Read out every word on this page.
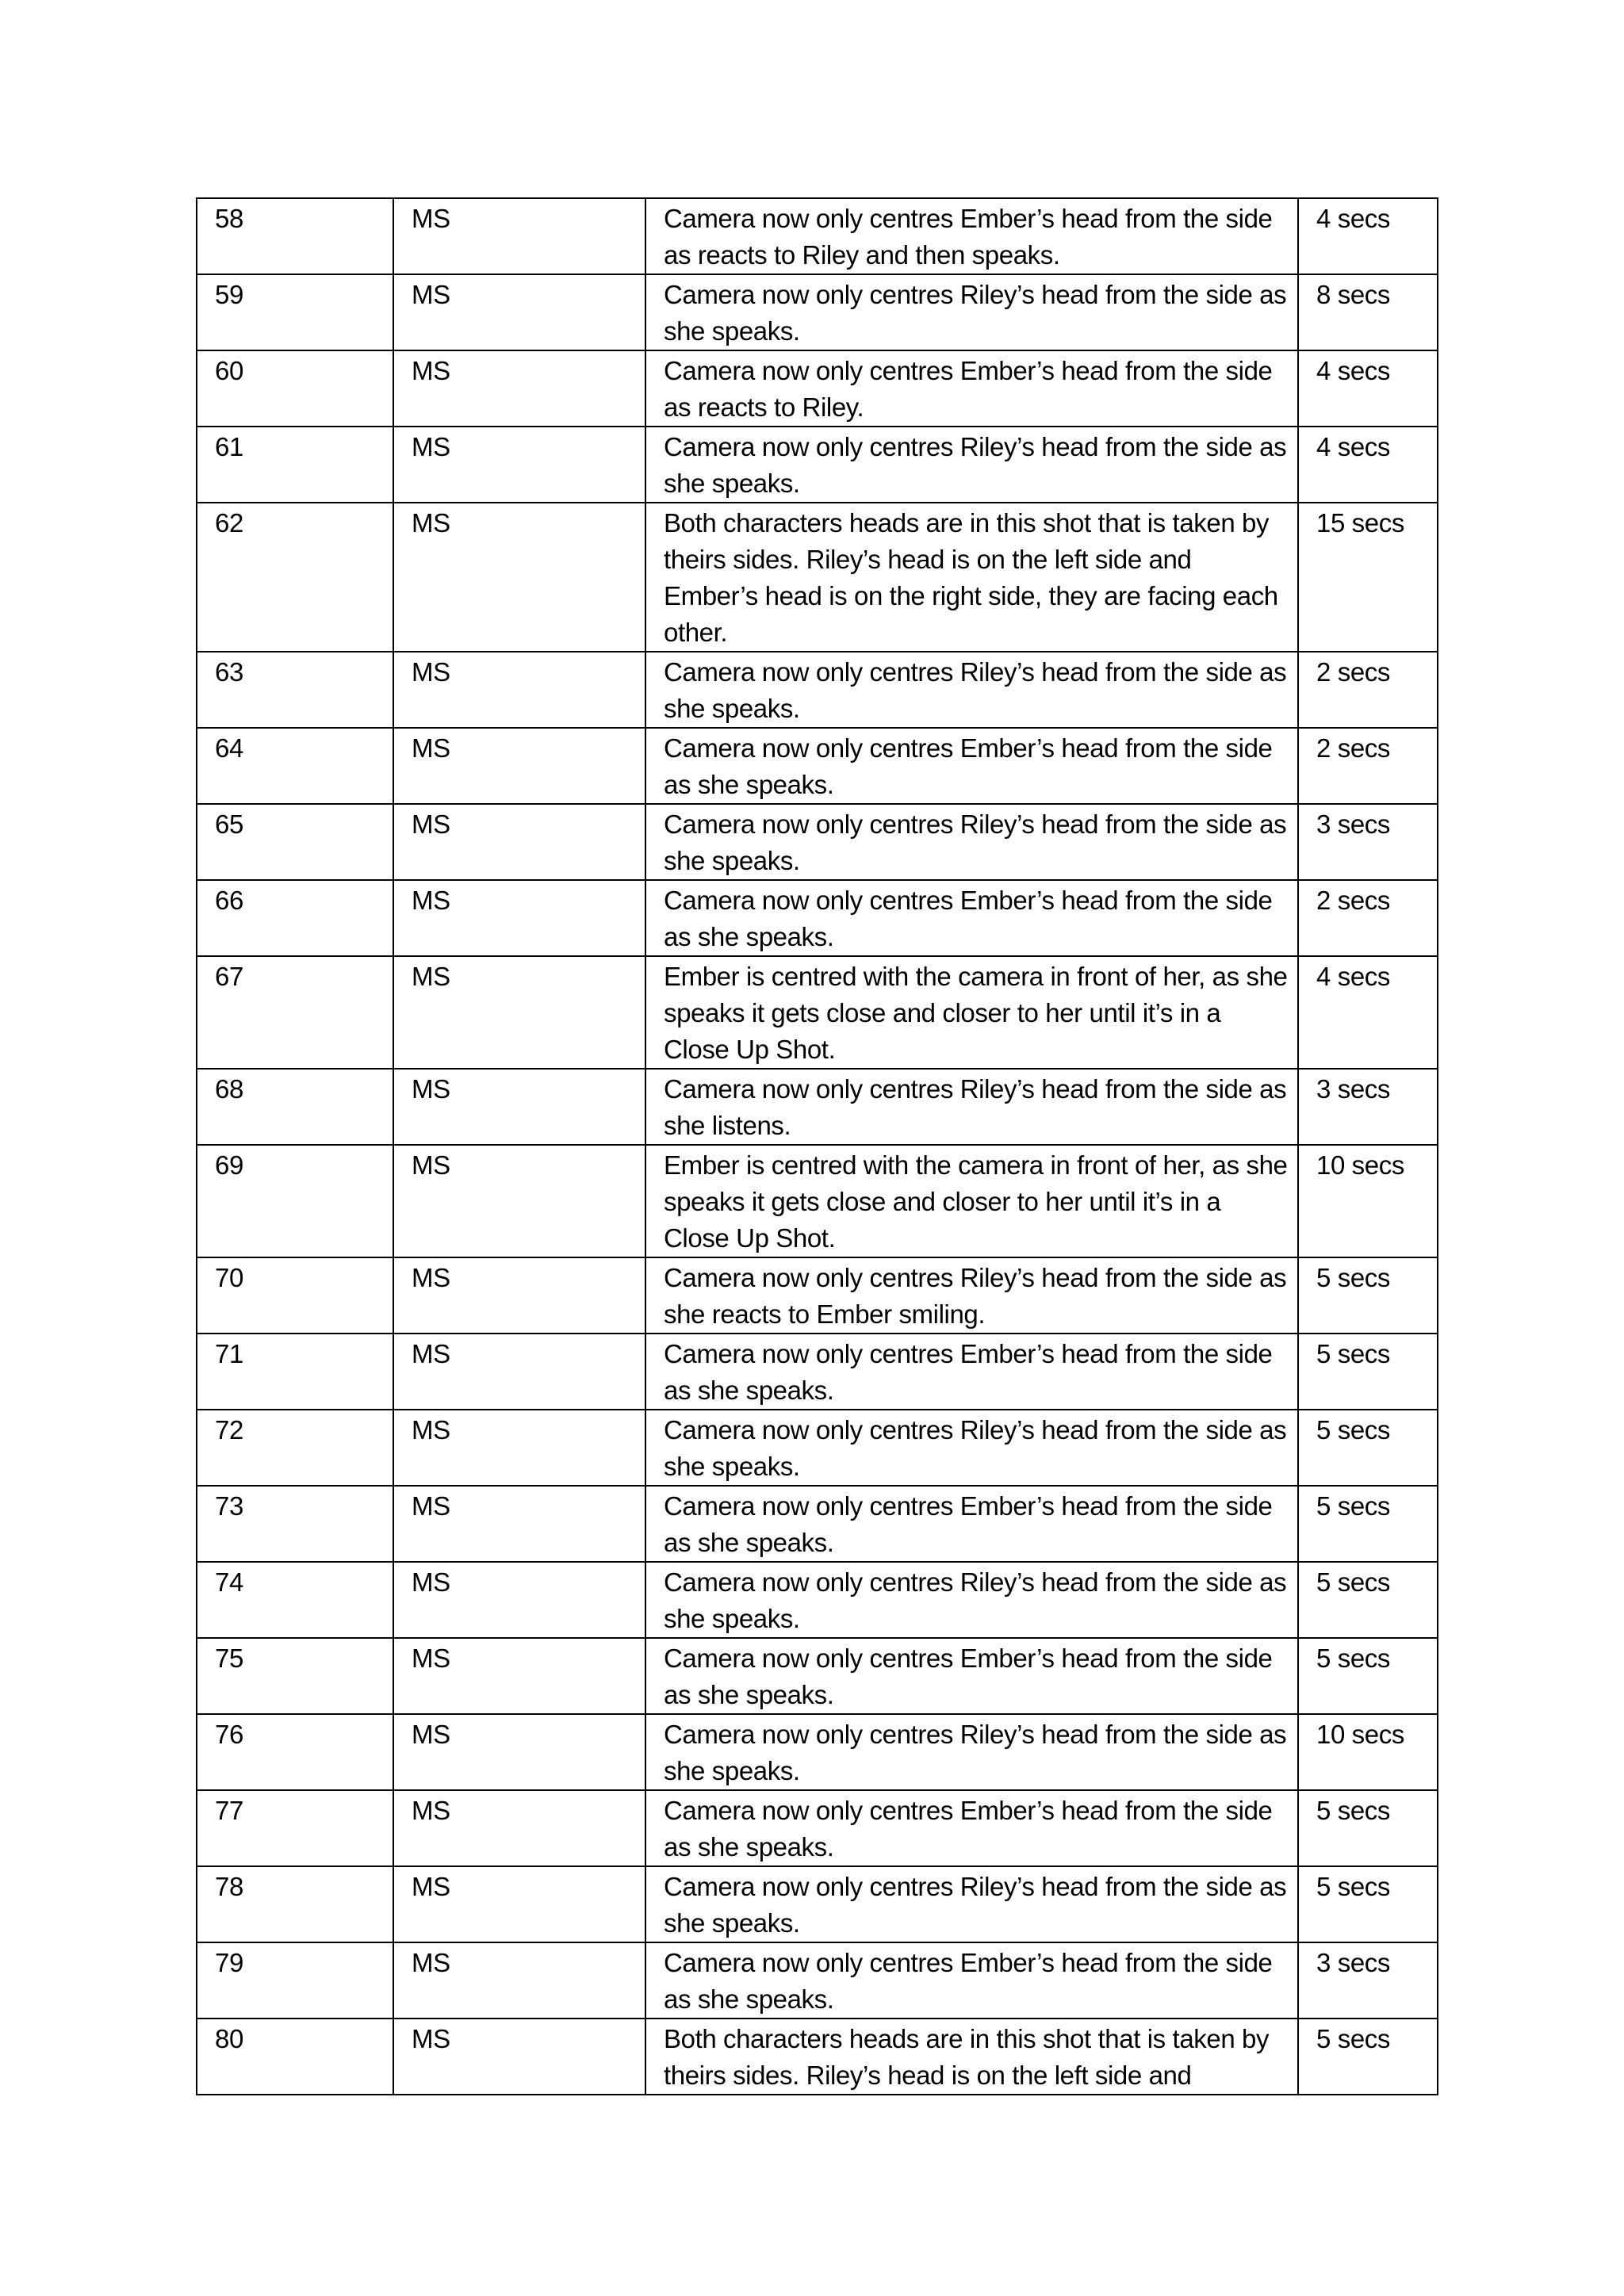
58	MS	Camera now only centres Ember’s head from the side as reacts to Riley and then speaks.	4 secs
59	MS	Camera now only centres Riley’s head from the side as she speaks.	8 secs
60	MS	Camera now only centres Ember’s head from the side as reacts to Riley.	4 secs
61	MS	Camera now only centres Riley’s head from the side as she speaks.	4 secs
62	MS	Both characters heads are in this shot that is taken by theirs sides. Riley’s head is on the left side and Ember’s head is on the right side, they are facing each other.	15 secs
63	MS	Camera now only centres Riley’s head from the side as she speaks.	2 secs
64	MS	Camera now only centres Ember’s head from the side as she speaks.	2 secs
65	MS	Camera now only centres Riley’s head from the side as she speaks.	3 secs
66	MS	Camera now only centres Ember’s head from the side as she speaks.	2 secs
67	MS	Ember is centred with the camera in front of her, as she speaks it gets close and closer to her until it’s in a Close Up Shot.	4 secs
68	MS	Camera now only centres Riley’s head from the side as she listens.	3 secs
69	MS	Ember is centred with the camera in front of her, as she speaks it gets close and closer to her until it’s in a Close Up Shot.	10 secs
70	MS	Camera now only centres Riley’s head from the side as she reacts to Ember smiling.	5 secs
71	MS	Camera now only centres Ember’s head from the side as she speaks.	5 secs
72	MS	Camera now only centres Riley’s head from the side as she speaks.	5 secs
73	MS	Camera now only centres Ember’s head from the side as she speaks.	5 secs
74	MS	Camera now only centres Riley’s head from the side as she speaks.	5 secs
75	MS	Camera now only centres Ember’s head from the side as she speaks.	5 secs
76	MS	Camera now only centres Riley’s head from the side as she speaks.	10 secs
77	MS	Camera now only centres Ember’s head from the side as she speaks.	5 secs
78	MS	Camera now only centres Riley’s head from the side as she speaks.	5 secs
79	MS	Camera now only centres Ember’s head from the side as she speaks.	3 secs
80	MS	Both characters heads are in this shot that is taken by theirs sides. Riley’s head is on the left side and	5 secs
